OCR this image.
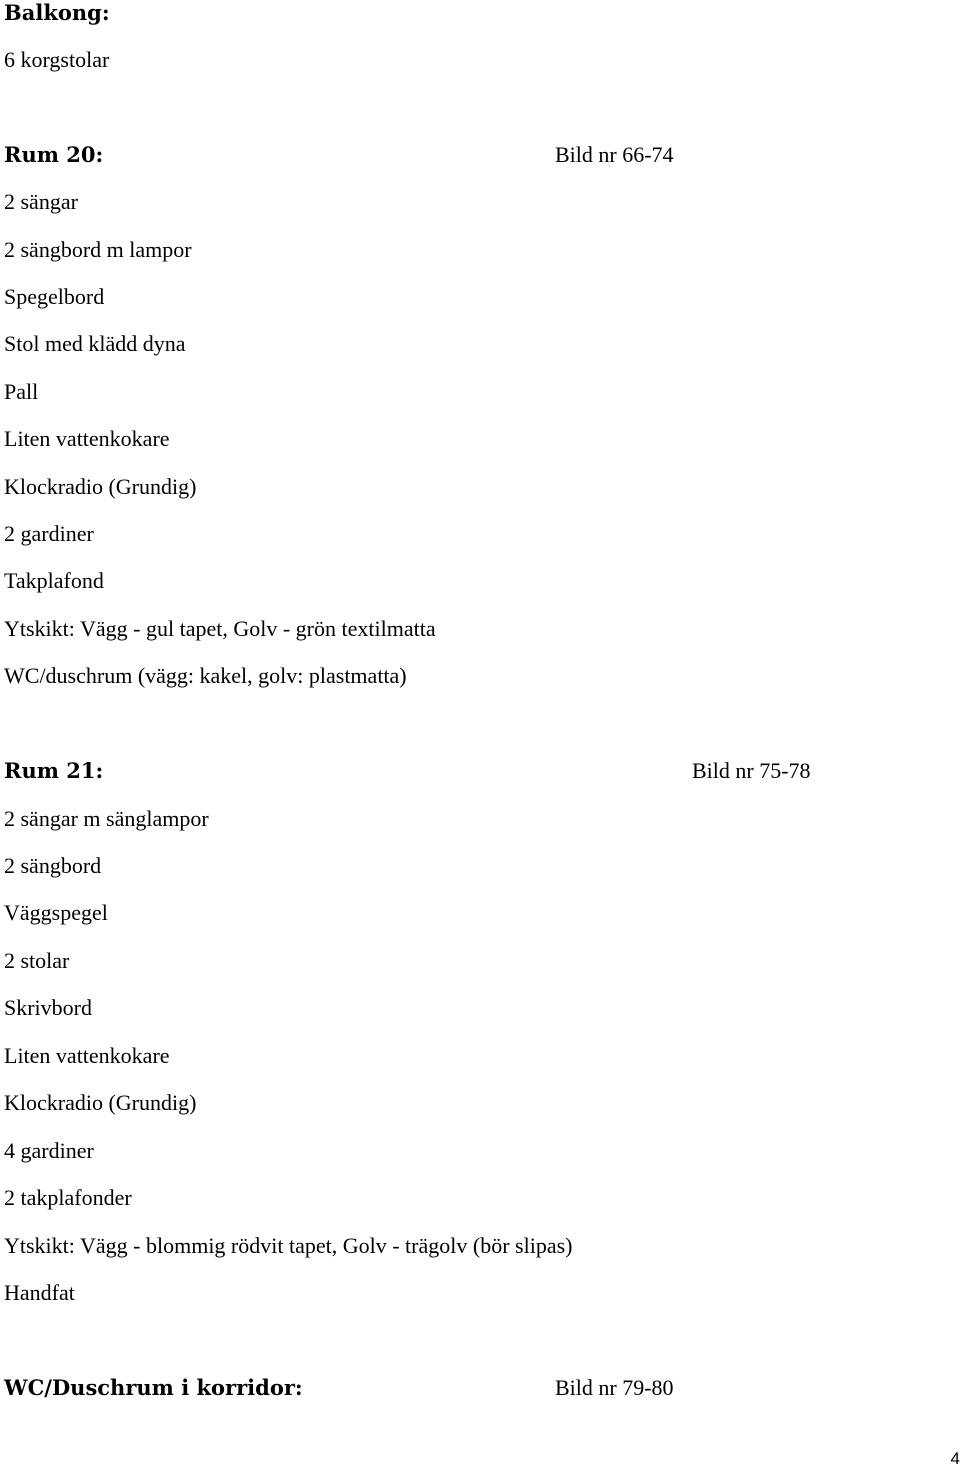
Balkong:
6 korgstolar
Rum 20:	Bild nr 66-74
2 sängar
2 sängbord m lampor
Spegelbord
Stol med klädd dyna
Pall
Liten vattenkokare
Klockradio (Grundig)
2 gardiner
Takplafond
Ytskikt: Vägg - gul tapet, Golv - grön textilmatta
WC/duschrum (vägg: kakel, golv: plastmatta)
Rum 21:	Bild nr 75-78
2 sängar m sänglampor
2 sängbord
Väggspegel
2 stolar
Skrivbord
Liten vattenkokare
Klockradio (Grundig)
4 gardiner
2 takplafonder
Ytskikt: Vägg - blommig rödvit tapet, Golv - trägolv (bör slipas)
Handfat
WC/Duschrum i korridor:	Bild nr 79-80
4
